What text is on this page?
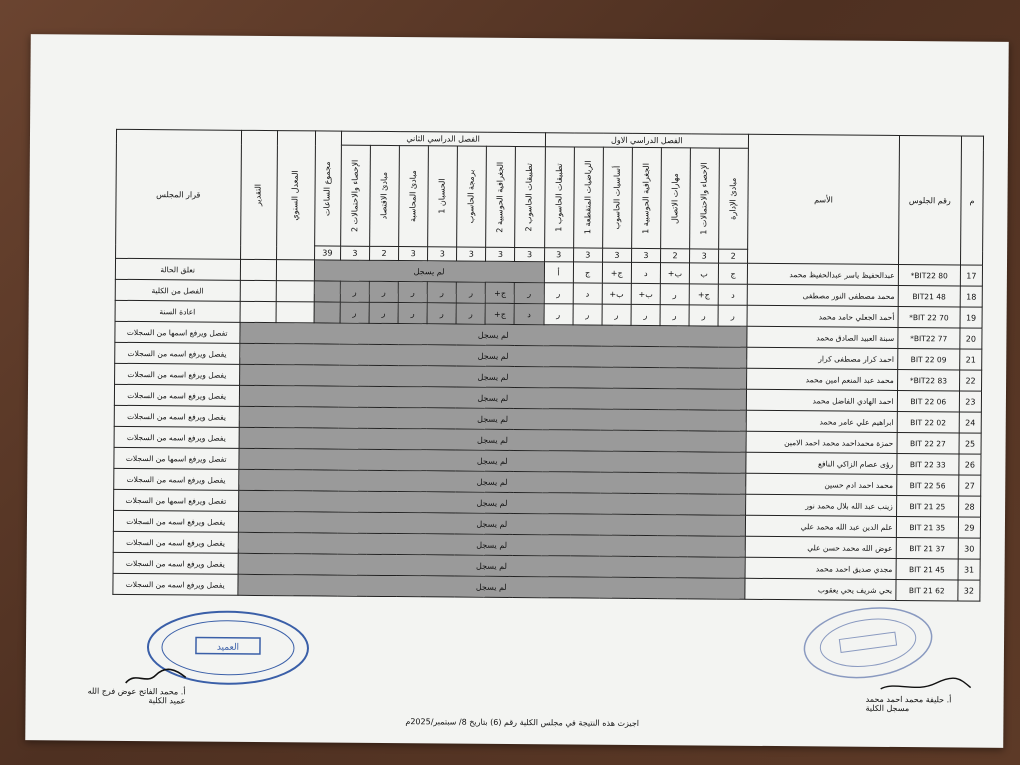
م	رقم الجلوس	الأسم	الفصل الدراسي الاول							الفصل الدراسي الثاني							مجموع الساعات	المعدل السنوي	التقدير	قرار المجلس

			مبادئ الإدارة	الإحصاء والاحتمالات 1	مهارات الاتصال	الجغرافية الحوسبية 1	أساسيات الحاسوب	الرياضيات المتقطعة 1	تطبيقات الحاسوب 1	تطبيقات الحاسوب 2	الجغرافية الحوسبية 2	برمجة الحاسوب	الحسبان 1	مبادئ المحاسبة	مبادئ الاقتصاد	الإحصاء والاحتمالات 2				

			2	3	2	3	3	3	3	3	3	3	3	3	2	3	39			
17	BIT22 80*	عبدالحفيظ ياسر عبدالحفيظ محمد	ج	ب	ب+	د	ج+	ج	أ	لم يسجل										تعلق الحالة
18	BIT21 48	محمد مصطفى النور مصطفى	د	ج+	ر	ب+	ب+	د	ر	ر	ج+	ر	ر	ر	ر	ر				الفصل من الكلية
19	BIT 22 70*	أحمد الجعلي حامد محمد	ر	ر	ر	ر	ر	ر	ر	د	ج+	ر	ر	ر	ر	ر				اعادة السنة
20	BIT22 77*	سبنة العبيد الصادق محمد	لم يسجل																	تفصل ويرفع اسمها من السجلات
21	BIT 22 09	احمد كرار مصطفى كرار	لم يسجل																	يفصل ويرفع اسمه من السجلات
22	BIT22 83*	محمد عبد المنعم امين محمد	لم يسجل																	يفصل ويرفع اسمه من السجلات
23	BIT 22 06	احمد الهادي الفاضل محمد	لم يسجل																	يفصل ويرفع اسمه من السجلات
24	BIT 22 02	ابراهيم علي عامر محمد	لم يسجل																	يفصل ويرفع اسمه من السجلات
25	BIT 22 27	حمزة محمداحمد محمد احمد الامين	لم يسجل																	يفصل ويرفع اسمه من السجلات
26	BIT 22 33	رؤى عصام الزاكي النافع	لم يسجل																	تفصل ويرفع اسمها من السجلات
27	BIT 22 56	محمد احمد ادم حسين	لم يسجل																	يفصل ويرفع اسمه من السجلات
28	BIT 21 25	زينب عبد الله بلال محمد نور	لم يسجل																	تفصل ويرفع اسمها من السجلات
29	BIT 21 35	علم الدين عبد الله محمد علي	لم يسجل																	يفصل ويرفع اسمه من السجلات
30	BIT 21 37	عوض الله محمد حسن علي	لم يسجل																	يفصل ويرفع اسمه من السجلات
31	BIT 21 45	مجدي صديق احمد محمد	لم يسجل																	يفصل ويرفع اسمه من السجلات
32	BIT 21 62	يحي شريف يحي يعقوب	لم يسجل																	يفصل ويرفع اسمه من السجلات
العميد
أ. محمد الفاتح عوض فرج الله
عميد الكلية	أ. حليفة محمد احمد محمد
مسجل الكلية
اجيزت هذه النتيجة في مجلس الكلية رقم (6) بتاريخ 8/ سبتمبر/2025م
